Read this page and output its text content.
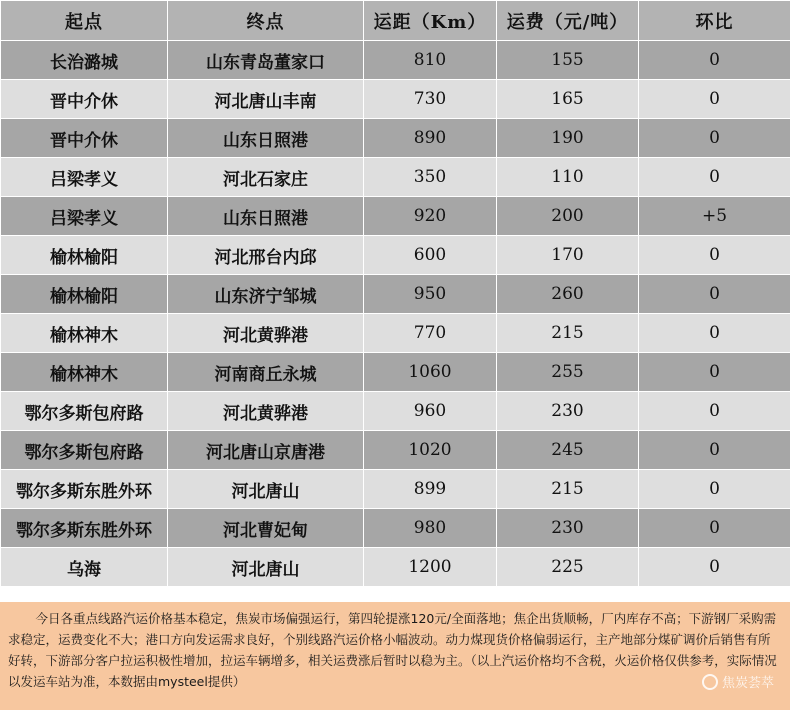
起点	终点	运距（Km）	运费（元/吨）	环比
长治潞城	山东青岛董家口	810	155	0
晋中介休	河北唐山丰南	730	165	0
晋中介休	山东日照港	890	190	0
吕梁孝义	河北石家庄	350	110	0
吕梁孝义	山东日照港	920	200	+5
榆林榆阳	河北邢台内邱	600	170	0
榆林榆阳	山东济宁邹城	950	260	0
榆林神木	河北黄骅港	770	215	0
榆林神木	河南商丘永城	1060	255	0
鄂尔多斯包府路	河北黄骅港	960	230	0
鄂尔多斯包府路	河北唐山京唐港	1020	245	0
鄂尔多斯东胜外环	河北唐山	899	215	0
鄂尔多斯东胜外环	河北曹妃甸	980	230	0
乌海	河北唐山	1200	225	0
今日各重点线路汽运价格基本稳定，焦炭市场偏强运行，第四轮提涨120元/全面落地；焦企出货顺畅，厂内库存不高；下游钢厂采购需求稳定，运费变化不大；港口方向发运需求良好，个别线路汽运价格小幅波动。动力煤现货价格偏弱运行，主产地部分煤矿调价后销售有所好转，下游部分客户拉运积极性增加，拉运车辆增多，相关运费涨后暂时以稳为主。（以上汽运价格均不含税，火运价格仅供参考，实际情况以发运车站为准，本数据由mysteel提供）	焦炭荟萃
